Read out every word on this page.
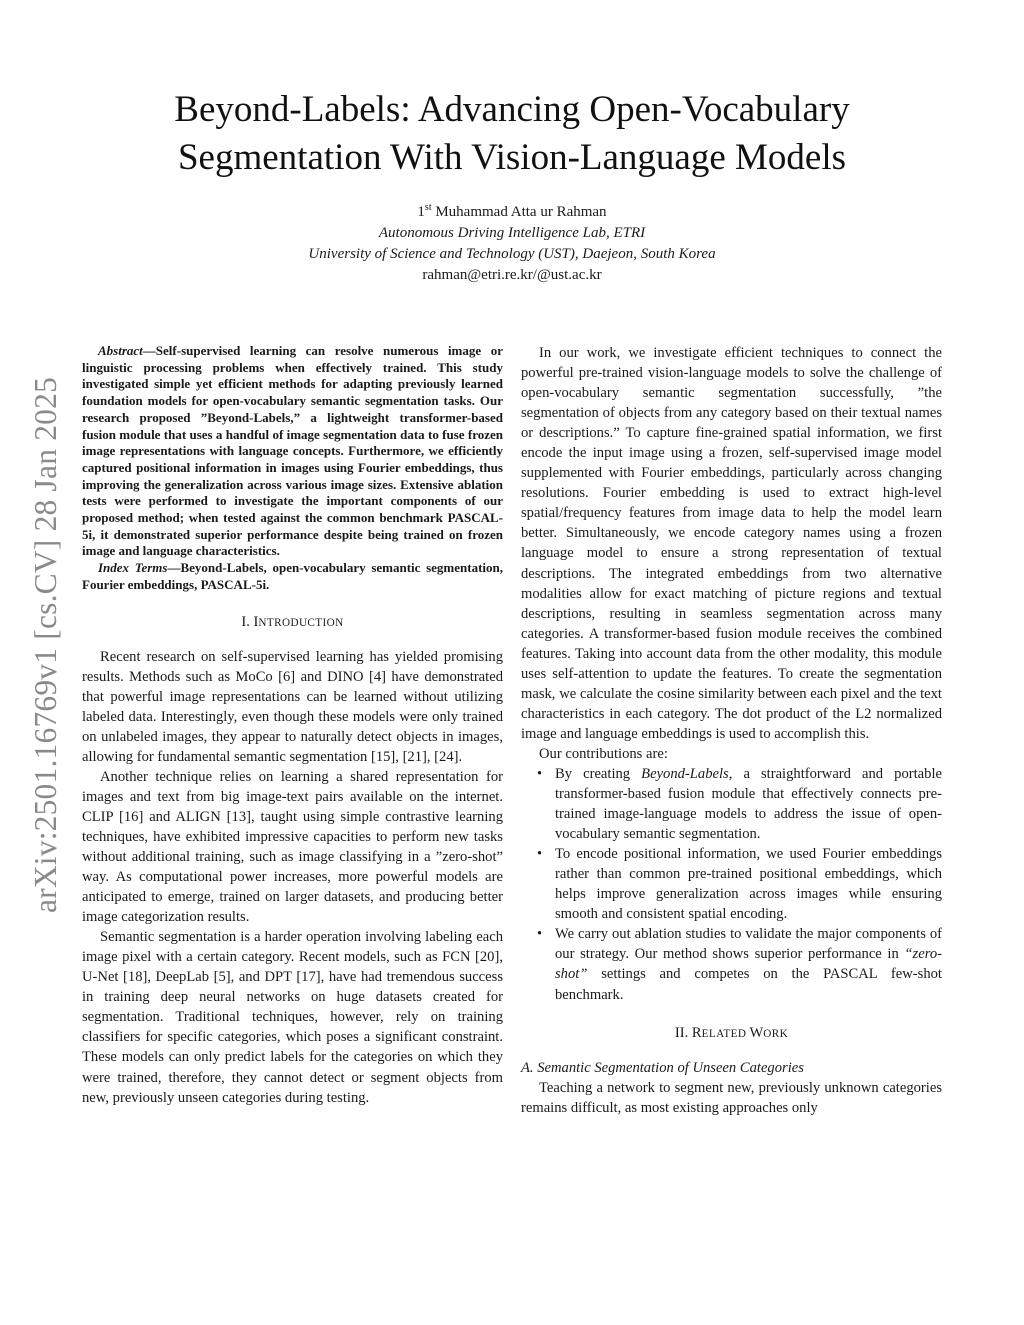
arXiv:2501.16769v1 [cs.CV] 28 Jan 2025
Beyond-Labels: Advancing Open-Vocabulary
Segmentation With Vision-Language Models
1st Muhammad Atta ur Rahman
Autonomous Driving Intelligence Lab, ETRI
University of Science and Technology (UST), Daejeon, South Korea
rahman@etri.re.kr/@ust.ac.kr

Abstract—Self-supervised learning can resolve numerous image or linguistic processing problems when effectively trained. This study investigated simple yet efficient methods for adapting previously learned foundation models for open-vocabulary semantic segmentation tasks. Our research proposed ”Beyond-Labels,” a lightweight transformer-based fusion module that uses a handful of image segmentation data to fuse frozen image representations with language concepts. Furthermore, we efficiently captured positional information in images using Fourier embeddings, thus improving the generalization across various image sizes. Extensive ablation tests were performed to investigate the important components of our proposed method; when tested against the common benchmark PASCAL-5i, it demonstrated superior performance despite being trained on frozen image and language characteristics.

Index Terms—Beyond-Labels, open-vocabulary semantic segmentation, Fourier embeddings, PASCAL-5i.

I. INTRODUCTION

Recent research on self-supervised learning has yielded promising results. Methods such as MoCo [6] and DINO [4] have demonstrated that powerful image representations can be learned without utilizing labeled data. Interestingly, even though these models were only trained on unlabeled images, they appear to naturally detect objects in images, allowing for fundamental semantic segmentation [15], [21], [24].

Another technique relies on learning a shared representation for images and text from big image-text pairs available on the internet. CLIP [16] and ALIGN [13], taught using simple contrastive learning techniques, have exhibited impressive capacities to perform new tasks without additional training, such as image classifying in a ”zero-shot” way. As computational power increases, more powerful models are anticipated to emerge, trained on larger datasets, and producing better image categorization results.

Semantic segmentation is a harder operation involving labeling each image pixel with a certain category. Recent models, such as FCN [20], U-Net [18], DeepLab [5], and DPT [17], have had tremendous success in training deep neural networks on huge datasets created for segmentation. Traditional techniques, however, rely on training classifiers for specific categories, which poses a significant constraint. These models can only predict labels for the categories on which they were trained, therefore, they cannot detect or segment objects from new, previously unseen categories during testing.

In our work, we investigate efficient techniques to connect the powerful pre-trained vision-language models to solve the challenge of open-vocabulary semantic segmentation successfully, ”the segmentation of objects from any category based on their textual names or descriptions.” To capture fine-grained spatial information, we first encode the input image using a frozen, self-supervised image model supplemented with Fourier embeddings, particularly across changing resolutions. Fourier embedding is used to extract high-level spatial/frequency features from image data to help the model learn better. Simultaneously, we encode category names using a frozen language model to ensure a strong representation of textual descriptions. The integrated embeddings from two alternative modalities allow for exact matching of picture regions and textual descriptions, resulting in seamless segmentation across many categories. A transformer-based fusion module receives the combined features. Taking into account data from the other modality, this module uses self-attention to update the features. To create the segmentation mask, we calculate the cosine similarity between each pixel and the text characteristics in each category. The dot product of the L2 normalized image and language embeddings is used to accomplish this.

Our contributions are:

• By creating Beyond-Labels, a straightforward and portable transformer-based fusion module that effectively connects pre-trained image-language models to address the issue of open-vocabulary semantic segmentation.
• To encode positional information, we used Fourier embeddings rather than common pre-trained positional embeddings, which helps improve generalization across images while ensuring smooth and consistent spatial encoding.
• We carry out ablation studies to validate the major components of our strategy. Our method shows superior performance in “zero-shot” settings and competes on the PASCAL few-shot benchmark.
II. RELATED WORK

A. Semantic Segmentation of Unseen Categories

Teaching a network to segment new, previously unknown categories remains difficult, as most existing approaches only
